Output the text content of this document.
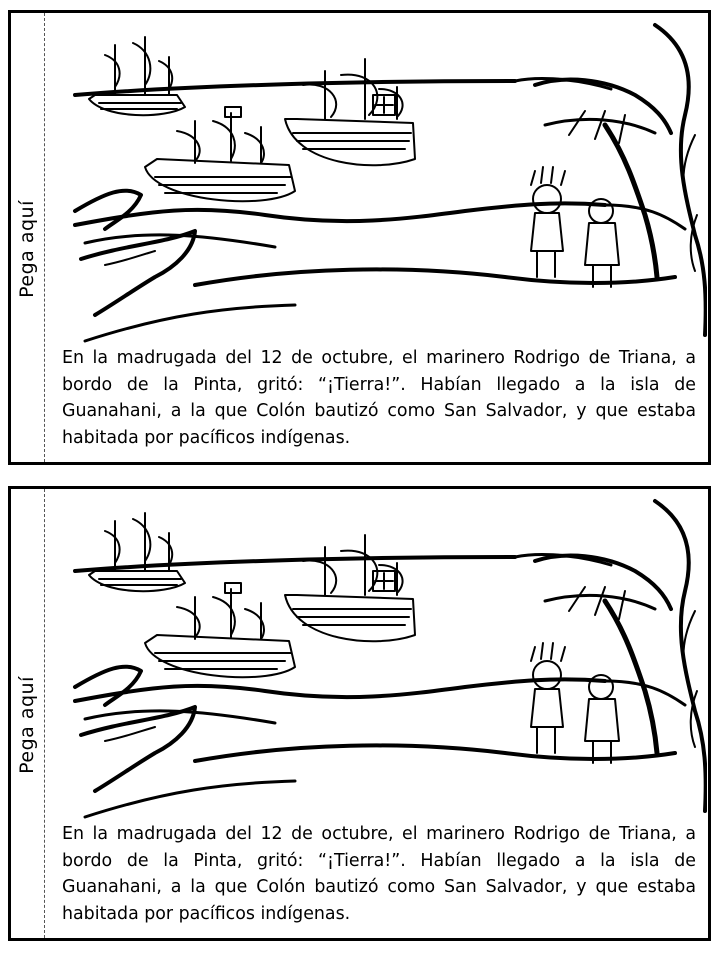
Pega aquí

En la madrugada del 12 de octubre, el marinero Rodrigo de Triana, a bordo de la Pinta, gritó: “¡Tierra!”. Habían llegado a la isla de Guanahani, a la que Colón bautizó como San Salvador, y que estaba habitada por pacíficos indígenas.

Pega aquí

En la madrugada del 12 de octubre, el marinero Rodrigo de Triana, a bordo de la Pinta, gritó: “¡Tierra!”. Habían llegado a la isla de Guanahani, a la que Colón bautizó como San Salvador, y que estaba habitada por pacíficos indígenas.
